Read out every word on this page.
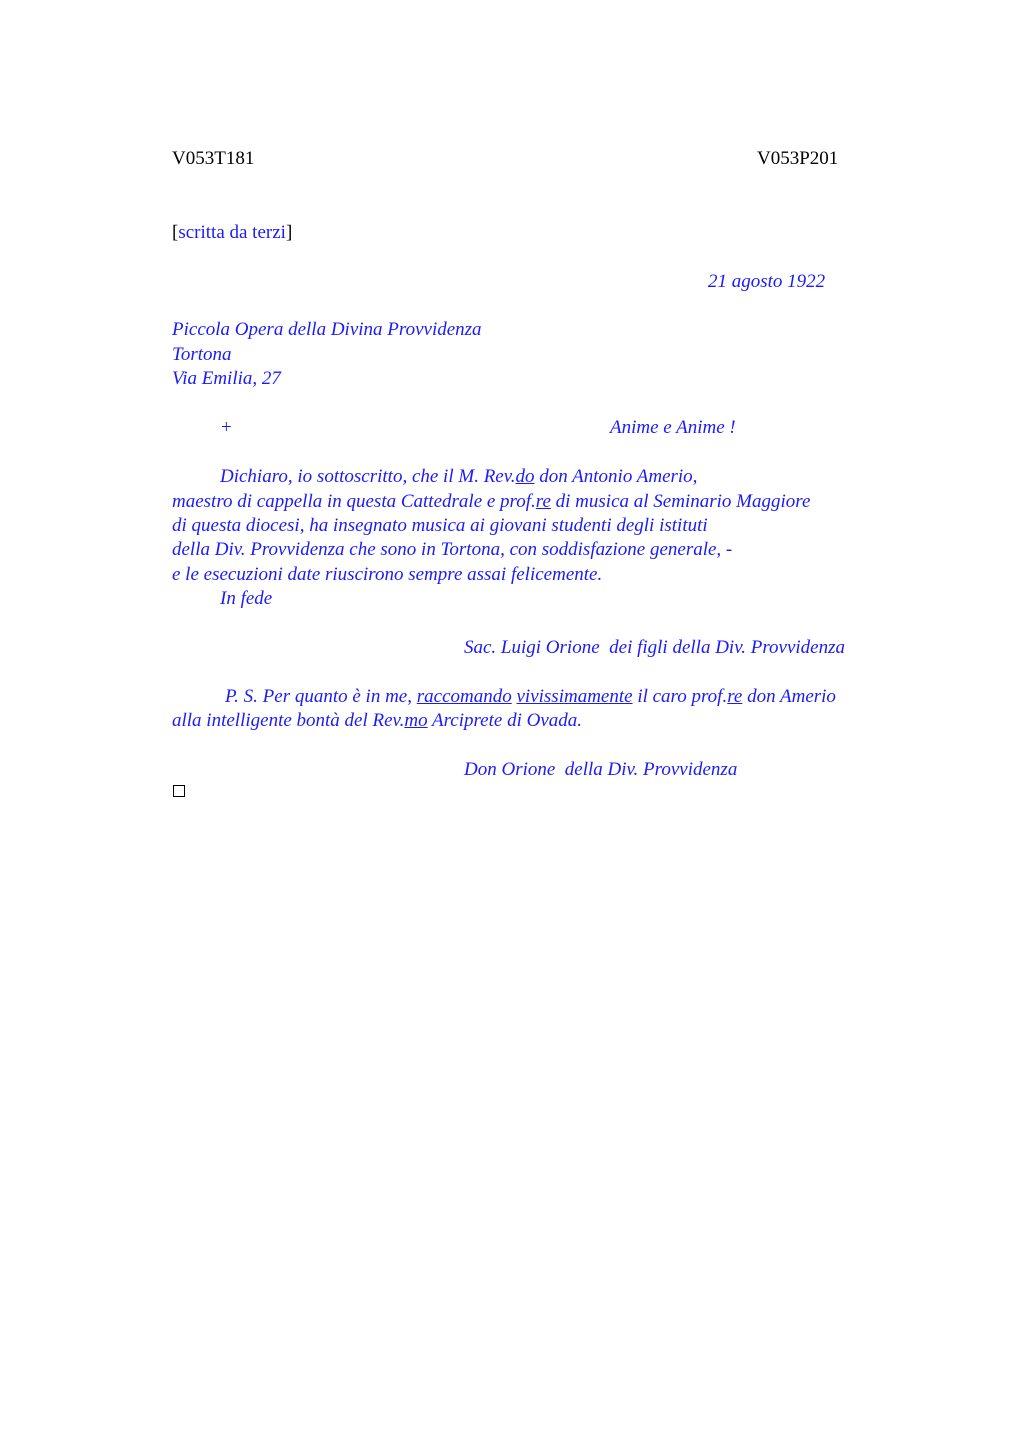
V053T181	V053P201
[scritta da terzi]
21 agosto 1922
Piccola Opera della Divina Provvidenza
Tortona
Via Emilia, 27
+	Anime e Anime !
Dichiaro, io sottoscritto, che il M. Rev.do don Antonio Amerio,
maestro di cappella in questa Cattedrale e prof.re di musica al Seminario Maggiore
di questa diocesi, ha insegnato musica ai giovani studenti degli istituti
della Div. Provvidenza che sono in Tortona, con soddisfazione generale, -
e le esecuzioni date riuscirono sempre assai felicemente.
In fede
Sac. Luigi Orione  dei figli della Div. Provvidenza
P. S. Per quanto è in me, raccomando vivissimamente il caro prof.re don Amerio
alla intelligente bontà del Rev.mo Arciprete di Ovada.
Don Orione  della Div. Provvidenza
